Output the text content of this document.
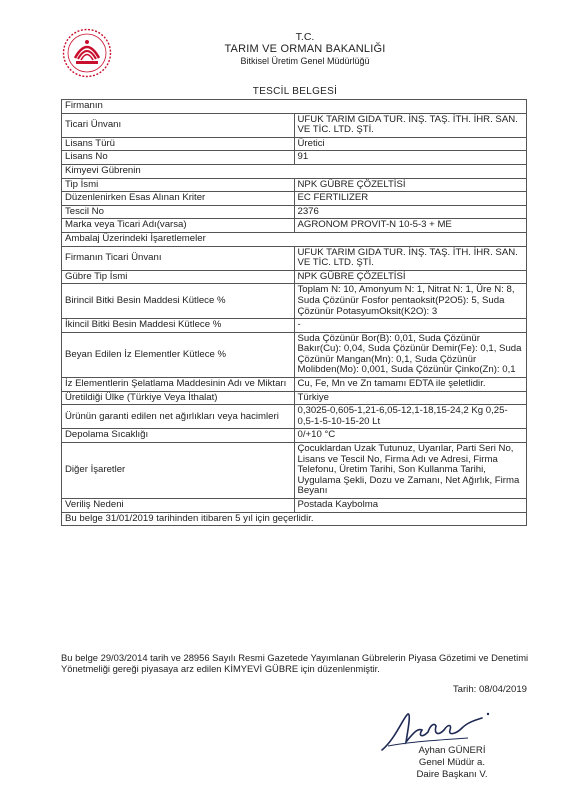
T.C.
TARIM VE ORMAN BAKANLIĞI
Bitkisel Üretim Genel Müdürlüğü
TESCİL BELGESİ
Firmanın	
Ticari Ünvanı	UFUK TARIM GIDA TUR. İNŞ. TAŞ. İTH. İHR. SAN. VE TİC. LTD. ŞTİ.
Lisans Türü	Üretici
Lisans No	91
Kimyevi Gübrenin	
Tip İsmi	NPK GÜBRE ÇÖZELTİSİ
Düzenlenirken Esas Alınan Kriter	EC FERTILIZER
Tescil No	2376
Marka veya Ticari Adı(varsa)	AGRONOM PROVIT-N 10-5-3 + ME
Ambalaj Üzerindeki İşaretlemeler	
Firmanın Ticari Ünvanı	UFUK TARIM GIDA TUR. İNŞ. TAŞ. İTH. İHR. SAN. VE TİC. LTD. ŞTİ.
Gübre Tip İsmi	NPK GÜBRE ÇÖZELTİSİ
Birincil Bitki Besin Maddesi Kütlece %	Toplam N: 10, Amonyum N: 1, Nitrat N: 1, Üre N: 8, Suda Çözünür Fosfor pentaoksit(P2O5): 5, Suda Çözünür PotasyumOksit(K2O): 3
İkincil Bitki Besin Maddesi Kütlece %	-
Beyan Edilen İz Elementler Kütlece %	Suda Çözünür Bor(B): 0,01, Suda Çözünür Bakır(Cu): 0,04, Suda Çözünür Demir(Fe): 0,1, Suda Çözünür Mangan(Mn): 0,1, Suda Çözünür Molibden(Mo): 0,001, Suda Çözünür Çinko(Zn): 0,1
İz Elementlerin Şelatlama Maddesinin Adı ve Miktarı	Cu, Fe, Mn ve Zn tamamı EDTA ile şeletlidir.
Üretildiği Ülke (Türkiye Veya İthalat)	Türkiye
Ürünün garanti edilen net ağırlıkları veya hacimleri	0,3025-0,605-1,21-6,05-12,1-18,15-24,2 Kg 0,25-0,5-1-5-10-15-20 Lt
Depolama Sıcaklığı	0/+10 °C
Diğer İşaretler	Çocuklardan Uzak Tutunuz, Uyarılar, Parti Seri No, Lisans ve Tescil No, Firma Adı ve Adresi, Firma Telefonu, Üretim Tarihi, Son Kullanma Tarihi, Uygulama Şekli, Dozu ve Zamanı, Net Ağırlık, Firma Beyanı
Veriliş Nedeni	Postada Kaybolma
Bu belge 31/01/2019 tarihinden itibaren 5 yıl için geçerlidir.	
Bu belge 29/03/2014 tarih ve 28956 Sayılı Resmi Gazetede Yayımlanan Gübrelerin Piyasa Gözetimi ve Denetimi Yönetmeliği gereği piyasaya arz edilen KİMYEVİ GÜBRE için düzenlenmiştir.
Tarih: 08/04/2019
Ayhan GÜNERİ
Genel Müdür a.
Daire Başkanı V.
